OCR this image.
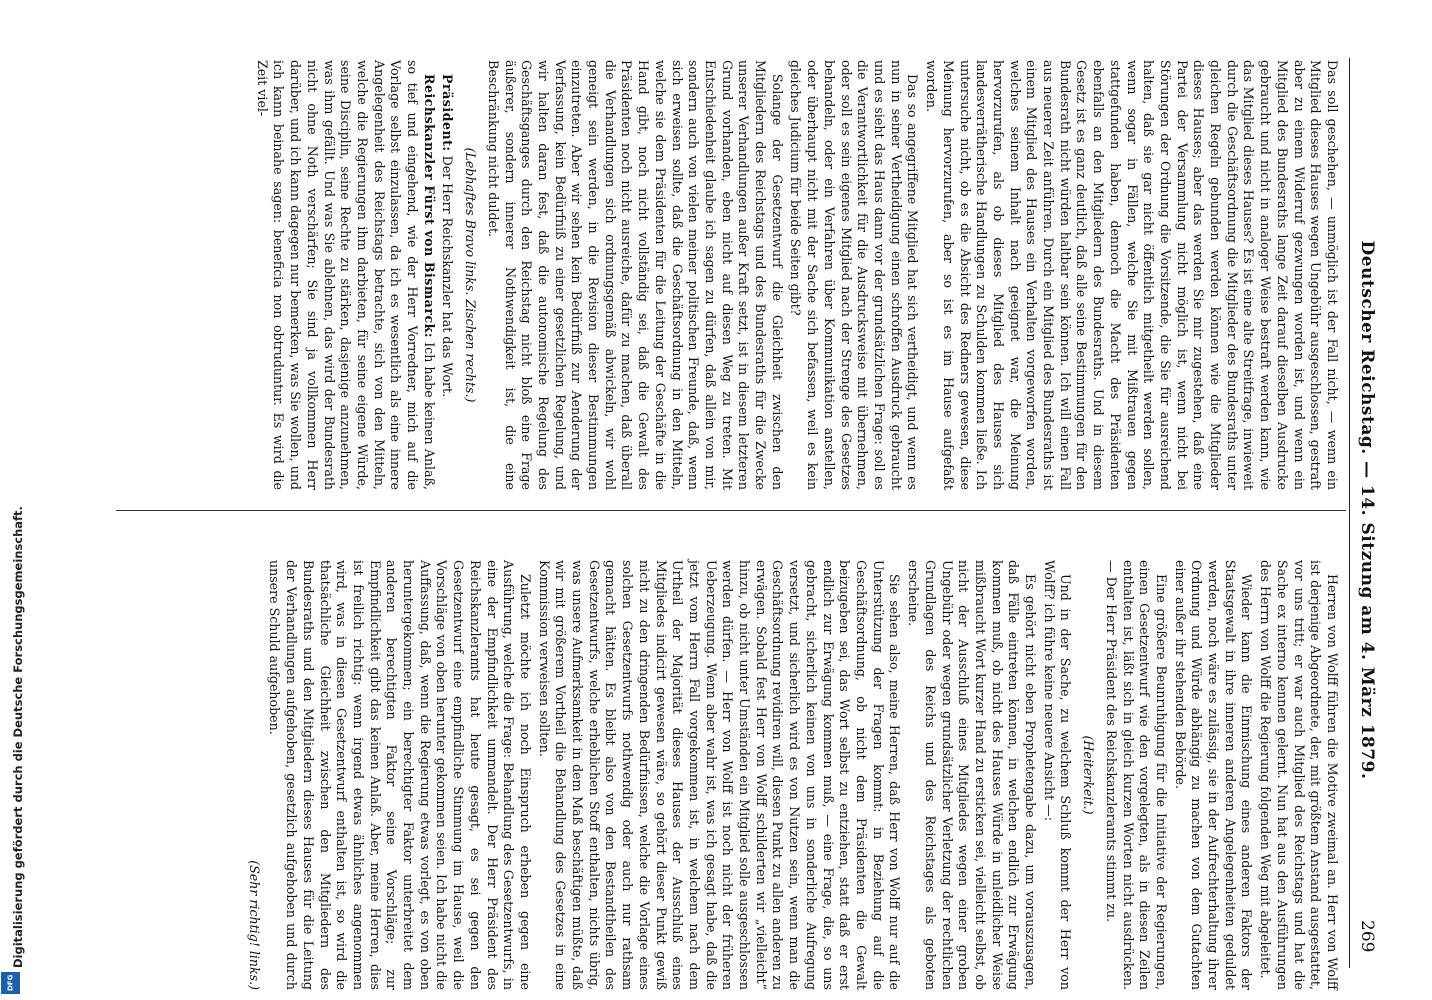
Deutscher Reichstag. — 14. Sitzung am 4. März 1879.
269

Herren von Wolff führen die Motive zweimal an. Herr von Wolff ist derjenige Abgeordnete, der, mit größtem Anstand ausgestattet, vor uns tritt; er war auch Mitglied des Reichstags und hat die Sache ex interno kennen gelernt. Nun hat aus den Ausführungen des Herrn von Wolff die Regierung folgenden Weg mit abgeleitet.

Wieder kann die Einmischung eines anderen Faktors der Staatsgewalt in ihre inneren anderen Angelegenheiten geduldet werden, noch wäre es zulässig, sie in der Aufrechterhaltung ihrer Ordnung und Würde abhängig zu machen von dem Gutachten einer außer ihr stehenden Behörde.

Eine größere Beunruhigung für die Initiative der Regierungen, einen Gesetzentwurf wie den vorgelegten, als in diesen Zeilen enthalten ist, läßt sich in gleich kurzen Worten nicht ausdrücken. — Der Herr Präsident des Reichskanzleramts stimmt zu.

(Heiterkeit.)

Und in der Sache, zu welchem Schluß kommt der Herr von Wolff? ich führe keine neuere Ansicht —:

Es gehört nicht eben Prophetengabe dazu, um vorauszusagen, daß Fälle eintreten können, in welchen endlich zur Erwägung kommen muß, ob nicht des Hauses Würde in unleidlicher Weise mißbraucht Wort kurzer Hand zu ersticken sei, vielleicht selbst, ob nicht der Ausschluß eines Mitgliedes wegen einer groben Ungebühr oder wegen grundsätzlicher Verletzung der rechtlichen Grundlagen des Reichs und des Reichstages als geboten erscheine.

Sie sehen also, meine Herren, daß Herr von Wolff nur auf die Unterstützung der Fragen kommt: in Beziehung auf die Geschäftsordnung, ob nicht dem Präsidenten die Gewalt beizugeben sei, das Wort selbst zu entziehen, statt daß er erst endlich zur Erwägung kommen muß, — eine Frage, die, so uns gebracht, sicherlich keinen von uns in sonderliche Aufregung versetzt, und sicherlich wird es von Nutzen sein, wenn man die Geschäftsordnung revidiren will, diesen Punkt zu allen anderen zu erwägen. Sobald fest Herr von Wolff schilderten wir „vielleicht“ hinzu, ob nicht unter Umständen ein Mitglied solle ausgeschlossen werden dürfen. — Herr von Wolff ist noch nicht der früheren Ueberzeugung. Wenn aber wahr ist, was ich gesagt habe, daß die jetzt vom Herrn Fall vorgekommen ist, in welchem nach dem Urtheil der Majorität dieses Hauses der Ausschluß eines Mitgliedes indicirt gewesen wäre, so gehört dieser Punkt gewiß nicht zu den dringenden Bedürfnissen, welche die Vorlage eines solchen Gesetzentwurfs nothwendig oder auch nur rathsam gemacht hätten. Es bleibt also von den Bestandtheilen des Gesetzentwurfs, welche erheblichen Stoff enthalten, nichts übrig, was unsere Aufmerksamkeit in dem Maß beschäftigen müßte, daß wir mit größerem Vortheil die Behandlung des Gesetzes in eine Kommission verweisen sollten.

Zuletzt möchte ich noch Einspruch erheben gegen eine Ausführung, welche die Frage: Behandlung des Gesetzentwurfs, in eine der Empfindlichkeit ummandelt. Der Herr Präsident des Reichskanzleramts hat heute gesagt, es sei gegen den Gesetzentwurf eine empfindliche Stimmung im Hause, weil die Vorschläge von oben herunter gekommen seien. Ich habe nicht die Auffassung, daß, wenn die Regierung etwas vorlegt, es von oben heruntergekommen; ein berechtigter Faktor unterbreitet dem anderen berechtigten Faktor seine Vorschläge; zur Empfindlichkeit gibt das keinen Anlaß. Aber, meine Herren, dies ist freilich richtig: wenn irgend etwas ähnliches angenommen wird, was in diesen Gesetzentwurf enthalten ist, so wird die thatsächliche Gleichheit zwischen den Mitgliedern des Bundesraths und den Mitgliedern dieses Hauses für die Leitung der Verhandlungen aufgehoben, gesetzlich aufgehoben und durch unsere Schuld aufgehoben.

(Sehr richtig! links.)

Das soll geschehen, — unmöglich ist der Fall nicht, — wenn ein Mitglied dieses Hauses wegen Ungebühr ausgeschlossen, gestraft aber zu einem Widerruf gezwungen worden ist, und wenn ein Mitglied des Bundesraths lange Zeit darauf dieselben Ausdrucke gebraucht und nicht in analoger Weise bestraft werden kann, wie das Mitglied dieses Hauses? Es ist eine alte Streitfrage, inwieweit durch die Geschäftsordnung die Mitglieder des Bundesraths unter gleichen Regeln gebunden werden können wie die Mitglieder dieses Hauses; aber das werden Sie mir zugestehen, daß eine Partei der Versammlung nicht möglich ist, wenn nicht bei Störungen der Ordnung die Vorsitzende, die Sie für ausreichend halten, daß sie gar nicht öffentlich mitgetheilt werden sollen, wenn sogar in Fällen, welche Sie mit Mißtrauen gegen stattgefunden haben, dennoch die Macht des Präsidenten ebenfalls an den Mitgliedern des Bundesraths. Und in diesem Gesetz ist es ganz deutlich, daß alle seine Bestimmungen für den Bundesrath nicht würden haltbar sein können. Ich will einen Fall aus neuerer Zeit anführen. Durch ein Mitglied des Bundesraths ist einem Mitglied des Hauses ein Verhalten vorgeworfen worden, welches seinem Inhalt nach geeignet war, die Meinung hervorzurufen, als ob dieses Mitglied des Hauses sich landesverrätherische Handlungen zu Schulden kommen ließe. Ich untersuche nicht, ob es die Absicht des Redners gewesen, diese Meinung hervorzurufen, aber so ist es im Hause aufgefaßt worden.

Das so angegriffene Mitglied hat sich vertheidigt, und wenn es nun in seiner Vertheidigung einen schroffen Ausdruck gebraucht und es sieht das Haus dann vor der grundsätzlichen Frage: soll es die Verantwortlichkeit für die Ausdrucksweise mit übernehmen, oder soll es sein eigenes Mitglied nach der Strenge des Gesetzes behandeln, oder ein Verfahren über Kommunikation anstellen, oder überhaupt nicht mit der Sache sich befassen, weil es kein gleiches Judicium für beide Seiten gibt?

Solange der Gesetzentwurf die Gleichheit zwischen den Mitgliedern des Reichstags und des Bundesraths für die Zwecke unserer Verhandlungen außer Kraft setzt, ist in diesem letzteren Grund vorhanden, eben nicht auf diesen Weg zu treten. Mit Entschiedenheit glaube ich sagen zu dürfen, daß allein von mir, sondern auch von vielen meiner politischen Freunde, daß, wenn sich erweisen sollte, daß die Geschäftsordnung in den Mitteln, welche sie dem Präsidenten für die Leitung der Geschäfte in die Hand gibt, noch nicht vollständig sei, daß die Gewalt des Präsidenten noch nicht ausreiche, dafür zu machen, daß überall die Verhandlungen sich ordnungsgemäß abwickeln, wir wohl geneigt sein werden, in die Revision dieser Bestimmungen einzutreten. Aber wir sehen kein Bedürfniß zur Aenderung der Verfassung, kein Bedürfniß zu einer gesetzlichen Regelung, und wir halten daran fest, daß die autonomische Regelung des Geschäftsganges durch den Reichstag nicht bloß eine Frage äußerer, sondern innerer Nothwendigkeit ist, die eine Beschränkung nicht duldet.

(Lebhaftes Bravo links. Zischen rechts.)

Präsident: Der Herr Reichskanzler hat das Wort.

Reichskanzler Fürst von Bismarck: Ich habe keinen Anlaß, so tief und eingehend, wie der Herr Vorredner, mich auf die Vorlage selbst einzulassen, da ich es wesentlich als eine innere Angelegenheit des Reichstags betrachte, sich von den Mitteln, welche die Regierungen ihm darbieten, für seine eigene Würde, seine Disciplin, seine Rechte zu stärken, dasjenige anzunehmen, was ihm gefällt. Und was Sie ablehnen, das wird der Bundesrath nicht ohne Noth verschärfen; Sie sind ja vollkommen Herr darüber, und ich kann dagegen nur bemerken, was Sie wollen, und ich kann beinahe sagen: beneficia non obtruduntur. Es wird die Zeit viel-

Digitalisierung gefördert durch die Deutsche Forschungsgemeinschaft.
DFG
